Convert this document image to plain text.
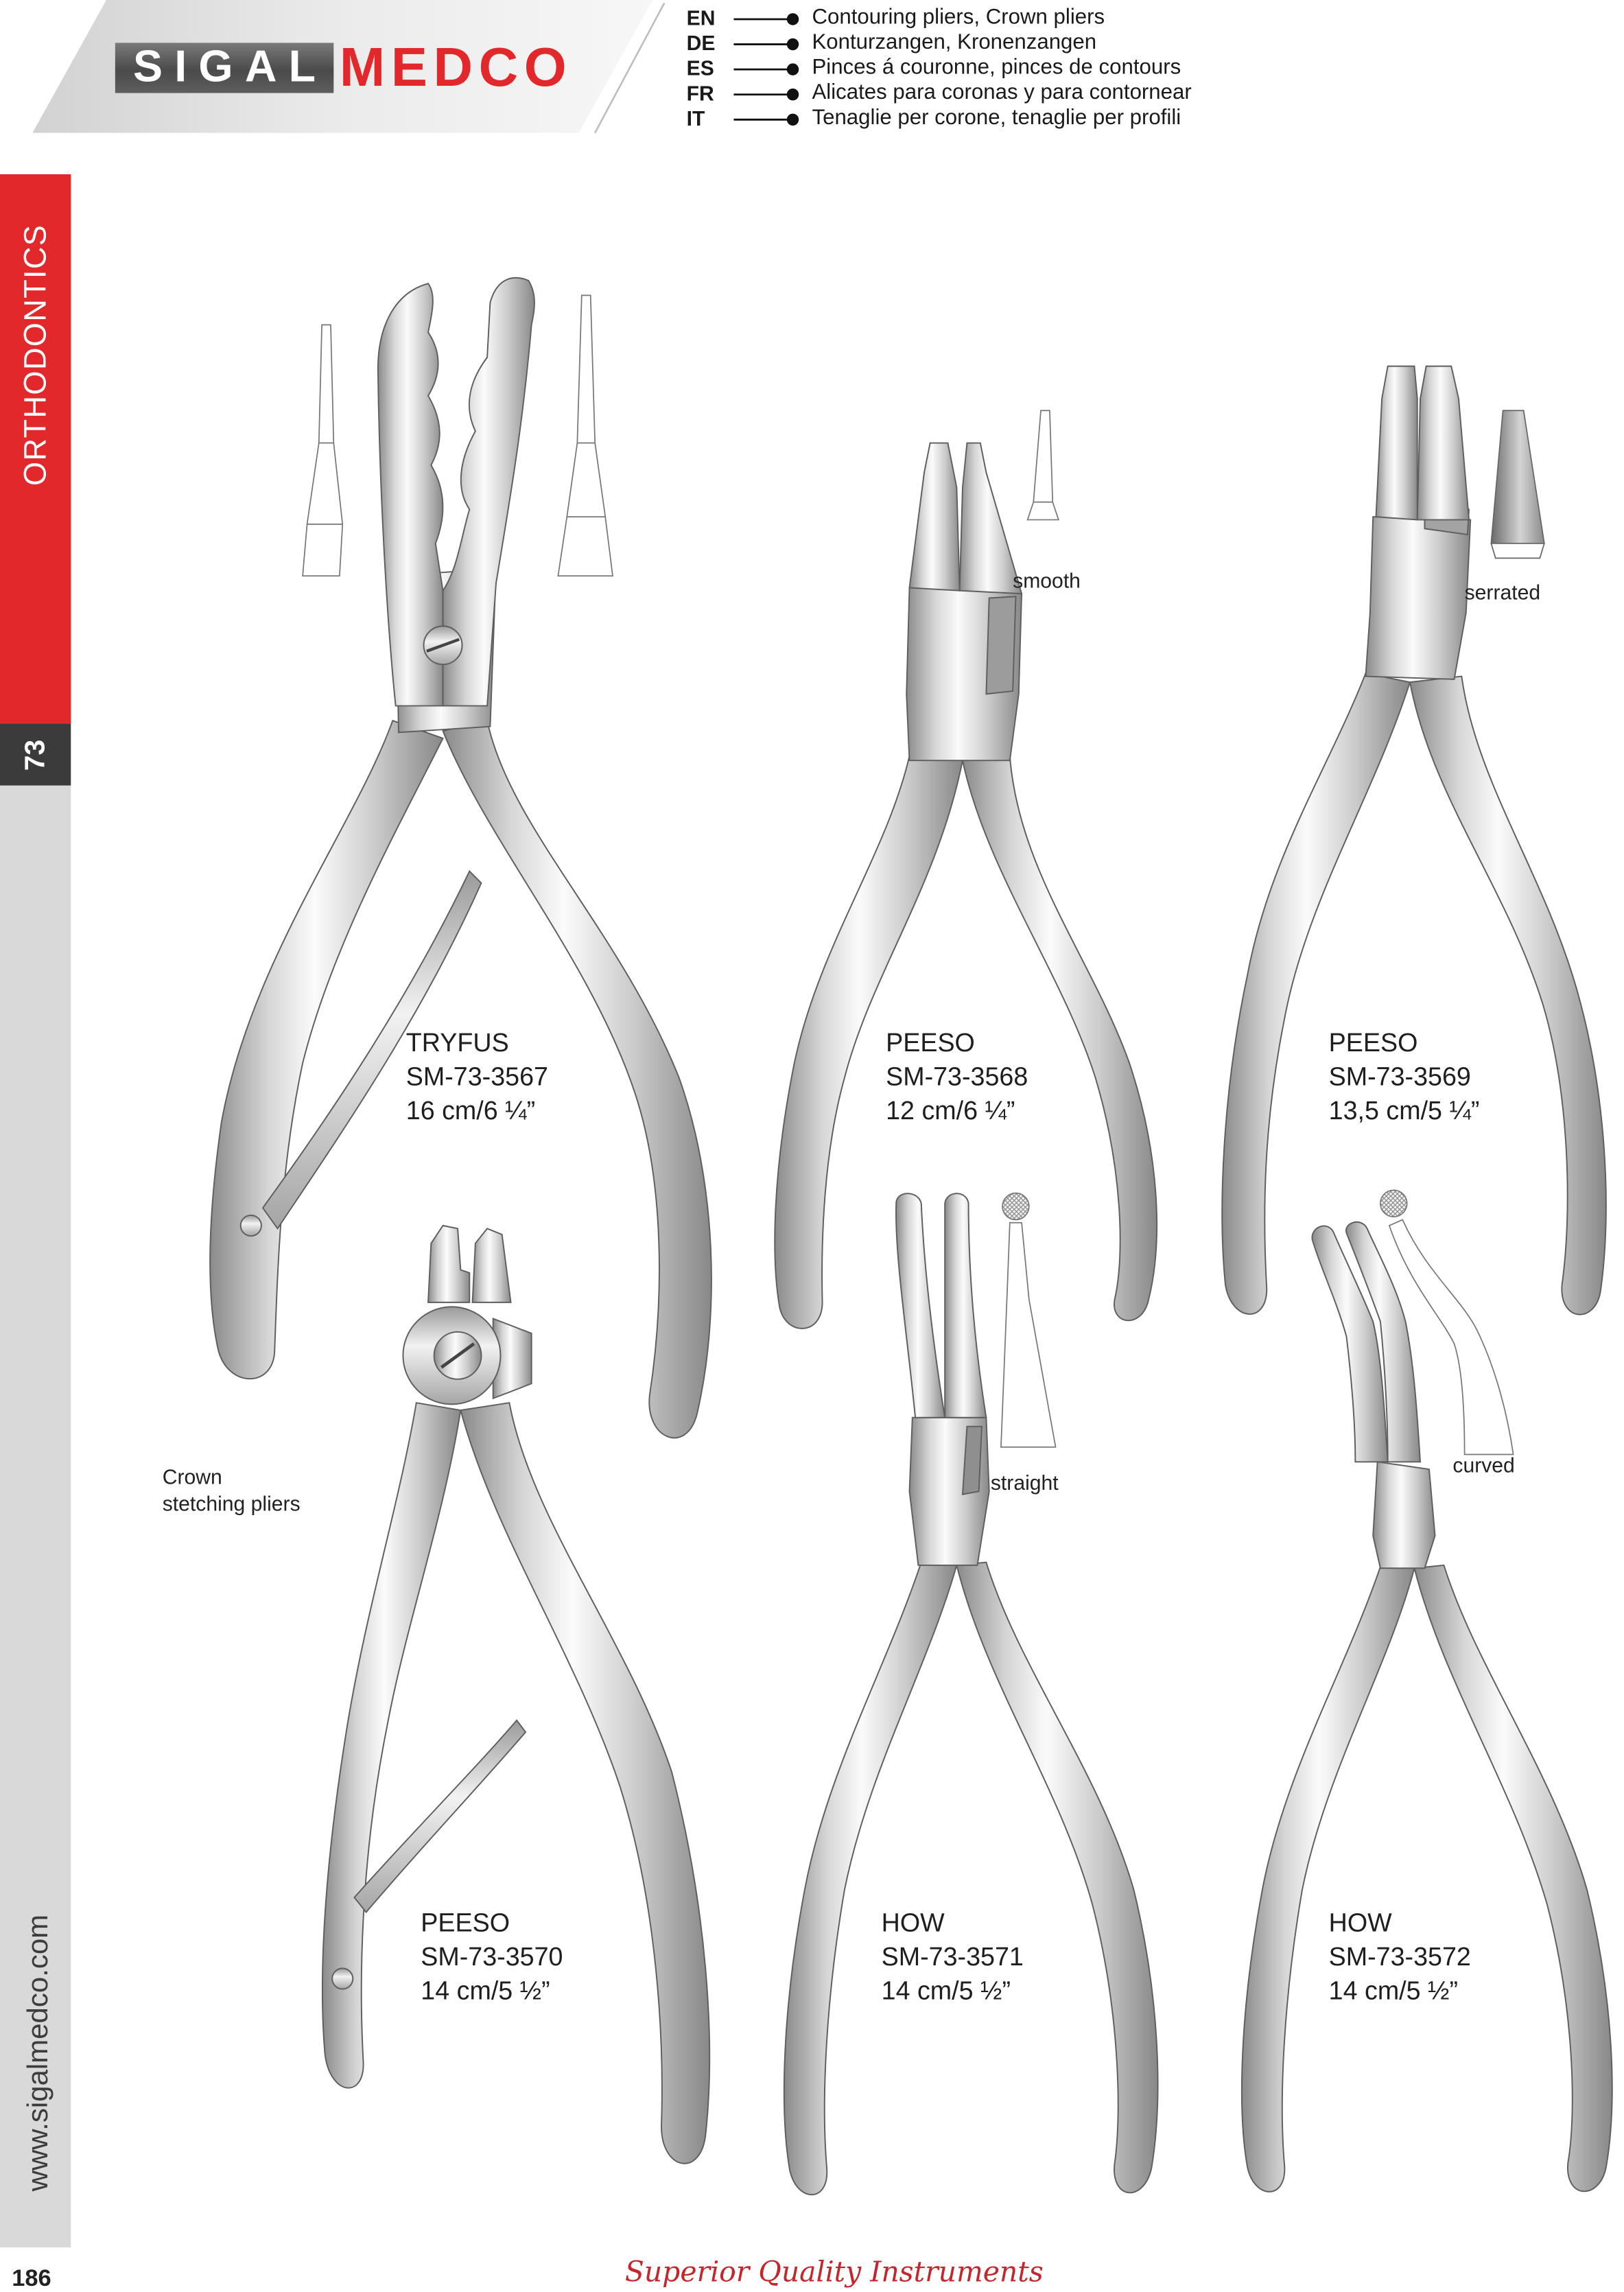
SIGAL MEDCO
EN	Contouring pliers, Crown pliers
DE	Konturzangen, Kronenzangen
ES	Pinces á couronne, pinces de contours
FR	Alicates para coronas y para contornear
IT	Tenaglie per corone, tenaglie per profili
ORTHODONTICS
73
www.sigalmedco.com
186
TRYFUS
SM-73-3567
16 cm/6 ¼”
PEESO
SM-73-3568
12 cm/6 ¼”
PEESO
SM-73-3569
13,5 cm/5 ¼”
PEESO
SM-73-3570
14 cm/5 ½”
HOW
SM-73-3571
14 cm/5 ½”
HOW
SM-73-3572
14 cm/5 ½”
smooth	serrated
straight
curved
Crown
stetching pliers
Superior Quality Instruments
